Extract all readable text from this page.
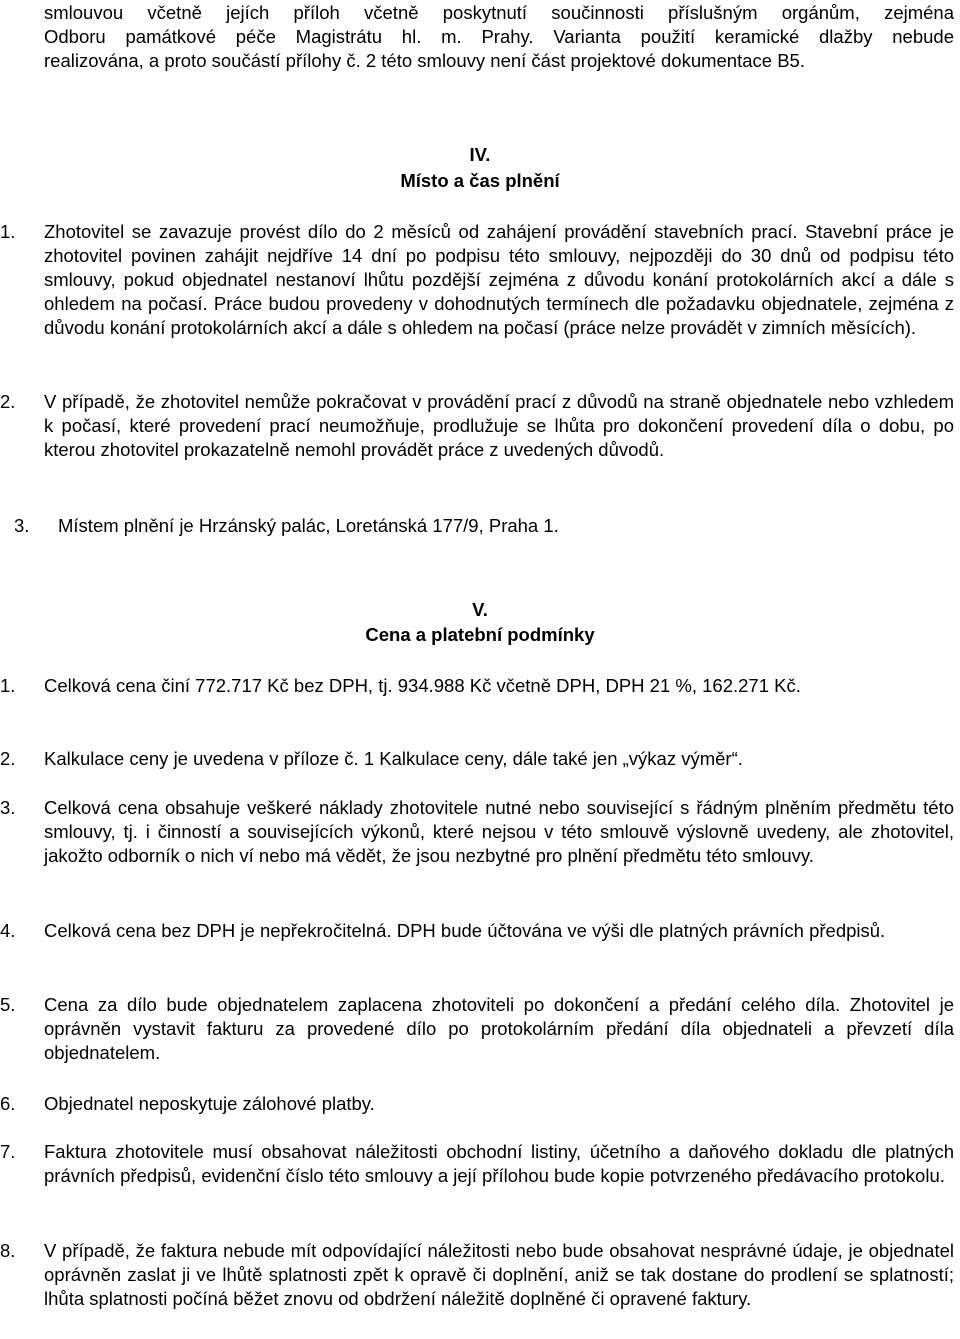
smlouvou včetně jejích příloh včetně poskytnutí součinnosti příslušným orgánům, zejména
Odboru památkové péče Magistrátu hl. m. Prahy. Varianta použití keramické dlažby nebude
realizována, a proto součástí přílohy č. 2 této smlouvy není část projektové dokumentace B5.
IV.
Místo a čas plnění
1. Zhotovitel se zavazuje provést dílo do 2 měsíců od zahájení provádění stavebních prací. Stavební práce je zhotovitel povinen zahájit nejdříve 14 dní po podpisu této smlouvy, nejpozději do 30 dnů od podpisu této smlouvy, pokud objednatel nestanoví lhůtu pozdější zejména z důvodu konání protokolárních akcí a dále s ohledem na počasí. Práce budou provedeny v dohodnutých termínech dle požadavku objednatele, zejména z důvodu konání protokolárních akcí a dále s ohledem na počasí (práce nelze provádět v zimních měsících).
2. V případě, že zhotovitel nemůže pokračovat v provádění prací z důvodů na straně objednatele nebo vzhledem k počasí, které provedení prací neumožňuje, prodlužuje se lhůta pro dokončení provedení díla o dobu, po kterou zhotovitel prokazatelně nemohl provádět práce z uvedených důvodů.
3. Místem plnění je Hrzánský palác, Loretánská 177/9, Praha 1.
V.
Cena a platební podmínky
1. Celková cena činí 772.717 Kč bez DPH, tj. 934.988 Kč včetně DPH, DPH 21 %, 162.271 Kč.
2. Kalkulace ceny je uvedena v příloze č. 1 Kalkulace ceny, dále také jen „výkaz výměr“.
3. Celková cena obsahuje veškeré náklady zhotovitele nutné nebo související s řádným plněním předmětu této smlouvy, tj. i činností a souvisejících výkonů, které nejsou v této smlouvě výslovně uvedeny, ale zhotovitel, jakožto odborník o nich ví nebo má vědět, že jsou nezbytné pro plnění předmětu této smlouvy.
4. Celková cena bez DPH je nepřekročitelná. DPH bude účtována ve výši dle platných právních předpisů.
5. Cena za dílo bude objednatelem zaplacena zhotoviteli po dokončení a předání celého díla. Zhotovitel je oprávněn vystavit fakturu za provedené dílo po protokolárním předání díla objednateli a převzetí díla objednatelem.
6. Objednatel neposkytuje zálohové platby.
7. Faktura zhotovitele musí obsahovat náležitosti obchodní listiny, účetního a daňového dokladu dle platných právních předpisů, evidenční číslo této smlouvy a její přílohou bude kopie potvrzeného předávacího protokolu.
8. V případě, že faktura nebude mít odpovídající náležitosti nebo bude obsahovat nesprávné údaje, je objednatel oprávněn zaslat ji ve lhůtě splatnosti zpět k opravě či doplnění, aniž se tak dostane do prodlení se splatností; lhůta splatnosti počíná běžet znovu od obdržení náležitě doplněné či opravené faktury.
